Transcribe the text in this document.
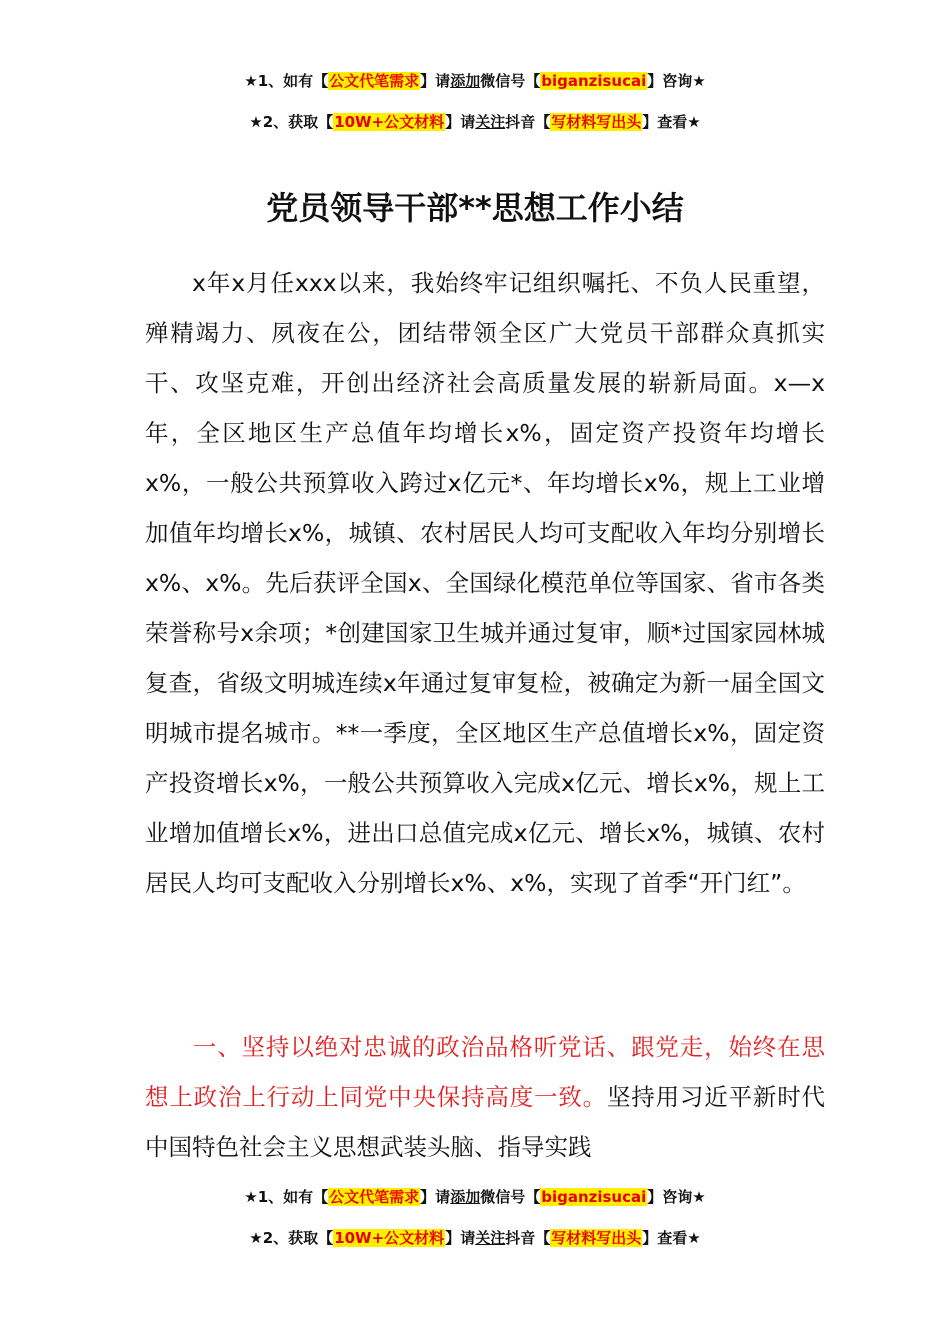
★1、如有【公文代笔需求】请添加微信号【biganzisucai】咨询★
★2、获取【10W+公文材料】请关注抖音【写材料写出头】查看★
党员领导干部**思想工作小结
x年x月任xxx以来，我始终牢记组织嘱托、不负人民重望，殚精竭力、夙夜在公，团结带领全区广大党员干部群众真抓实干、攻坚克难，开创出经济社会高质量发展的崭新局面。x—x年，全区地区生产总值年均增长x%，固定资产投资年均增长x%，一般公共预算收入跨过x亿元*、年均增长x%，规上工业增加值年均增长x%，城镇、农村居民人均可支配收入年均分别增长x%、x%。先后获评全国x、全国绿化模范单位等国家、省市各类荣誉称号x余项；*创建国家卫生城并通过复审，顺*过国家园林城复查，省级文明城连续x年通过复审复检，被确定为新一届全国文明城市提名城市。**一季度，全区地区生产总值增长x%，固定资产投资增长x%，一般公共预算收入完成x亿元、增长x%，规上工业增加值增长x%，进出口总值完成x亿元、增长x%，城镇、农村居民人均可支配收入分别增长x%、x%，实现了首季“开门红”。
一、坚持以绝对忠诚的政治品格听党话、跟党走，始终在思想上政治上行动上同党中央保持高度一致。坚持用习近平新时代中国特色社会主义思想武装头脑、指导实践
★1、如有【公文代笔需求】请添加微信号【biganzisucai】咨询★
★2、获取【10W+公文材料】请关注抖音【写材料写出头】查看★
